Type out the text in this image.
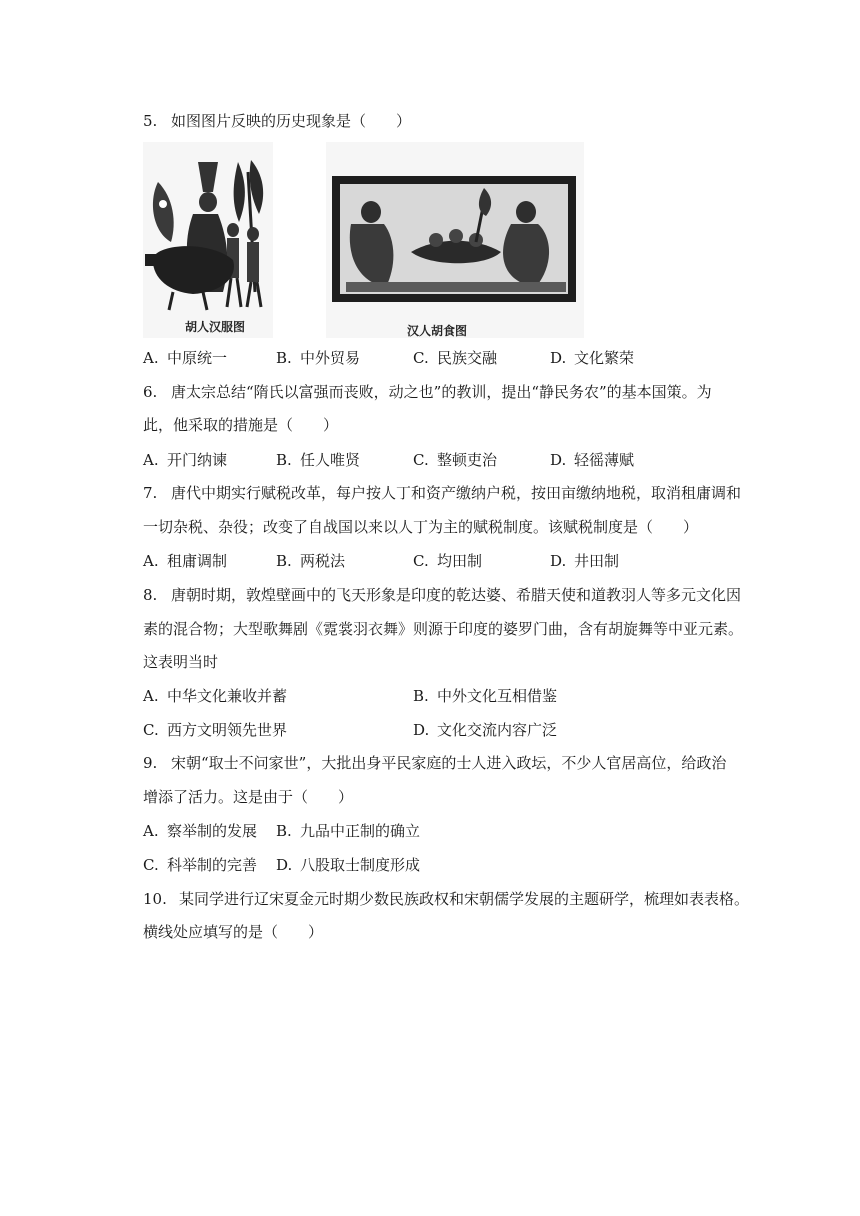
5. 如图图片反映的历史现象是（　　）
胡人汉服图	汉人胡食图
A. 中原统一	B. 中外贸易	C. 民族交融	D. 文化繁荣
6. 唐太宗总结“隋氏以富强而丧败，动之也”的教训，提出“静民务农”的基本国策。为
此，他采取的措施是（　　）
A. 开门纳谏	B. 任人唯贤	C. 整顿吏治	D. 轻徭薄赋
7. 唐代中期实行赋税改革，每户按人丁和资产缴纳户税，按田亩缴纳地税，取消租庸调和
一切杂税、杂役；改变了自战国以来以人丁为主的赋税制度。该赋税制度是（　　）
A. 租庸调制	B. 两税法	C. 均田制	D. 井田制
8. 唐朝时期，敦煌壁画中的飞天形象是印度的乾达婆、希腊天使和道教羽人等多元文化因
素的混合物；大型歌舞剧《霓裳羽衣舞》则源于印度的婆罗门曲，含有胡旋舞等中亚元素。
这表明当时
A. 中华文化兼收并蓄	B. 中外文化互相借鉴
C. 西方文明领先世界	D. 文化交流内容广泛
9. 宋朝“取士不问家世”，大批出身平民家庭的士人进入政坛，不少人官居高位，给政治
增添了活力。这是由于（　　）
A. 察举制的发展 B. 九品中正制的确立
C. 科举制的完善 D. 八股取士制度形成
10. 某同学进行辽宋夏金元时期少数民族政权和宋朝儒学发展的主题研学，梳理如表表格。
横线处应填写的是（　　）
